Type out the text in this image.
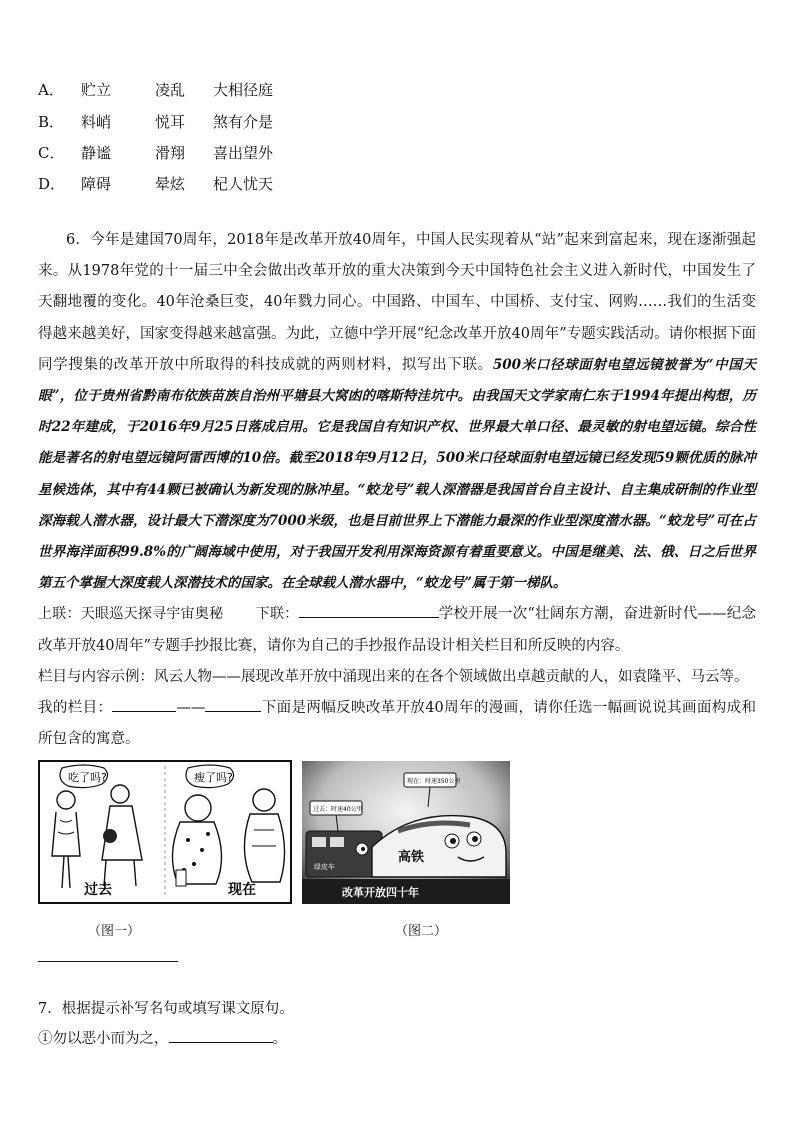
A． 贮立	凌乱 大相径庭
B． 料峭	悦耳 煞有介是
C． 静谧	滑翔 喜出望外
D． 障碍	晕炫 杞人忧天
6．今年是建国70周年，2018年是改革开放40周年，中国人民实现着从“站”起来到富起来，现在逐渐强起来。从1978年党的十一届三中全会做出改革开放的重大决策到今天中国特色社会主义进入新时代，中国发生了天翻地覆的变化。40年沧桑巨变，40年戮力同心。中国路、中国车、中国桥、支付宝、网购……我们的生活变得越来越美好，国家变得越来越富强。为此，立德中学开展“纪念改革开放40周年”专题实践活动。请你根据下面同学搜集的改革开放中所取得的科技成就的两则材料，拟写出下联。500米口径球面射电望远镜被誉为“中国天眼”，位于贵州省黔南布依族苗族自治州平塘县大窝凼的喀斯特洼坑中。由我国天文学家南仁东于1994年提出构想，历时22年建成，于2016年9月25日落成启用。它是我国自有知识产权、世界最大单口径、最灵敏的射电望远镜。综合性能是著名的射电望远镜阿雷西博的10倍。截至2018年9月12日，500米口径球面射电望远镜已经发现59颗优质的脉冲星候选体，其中有44颗已被确认为新发现的脉冲星。“蛟龙号”载人深潜器是我国首台自主设计、自主集成研制的作业型深海载人潜水器，设计最大下潜深度为7000米级，也是目前世界上下潜能力最深的作业型深度潜水器。“蛟龙号”可在占世界海洋面积99.8%的广阔海域中使用，对于我国开发利用深海资源有着重要意义。中国是继美、法、俄、日之后世界第五个掌握大深度载人深潜技术的国家。在全球载人潜水器中，“蛟龙号”属于第一梯队。
上联：天眼巡天探寻宇宙奥秘 下联：	学校开展一次“壮阔东方潮，奋进新时代——纪念改革开放40周年”专题手抄报比赛，请你为自己的手抄报作品设计相关栏目和所反映的内容。
栏目与内容示例：风云人物——展现改革开放中涌现出来的在各个领域做出卓越贡献的人，如袁隆平、马云等。
我的栏目：	——	下面是两幅反映改革开放40周年的漫画，请你任选一幅画说说其画面构成和所包含的寓意。
吃了吗?
过去
瘦了吗?
现在
现在：时速350公里
过去：时速40公里
绿皮车
高铁
改革开放四十年
（图一）	（图二）
7．根据提示补写名句或填写课文原句。
①勿以恶小而为之，	。
